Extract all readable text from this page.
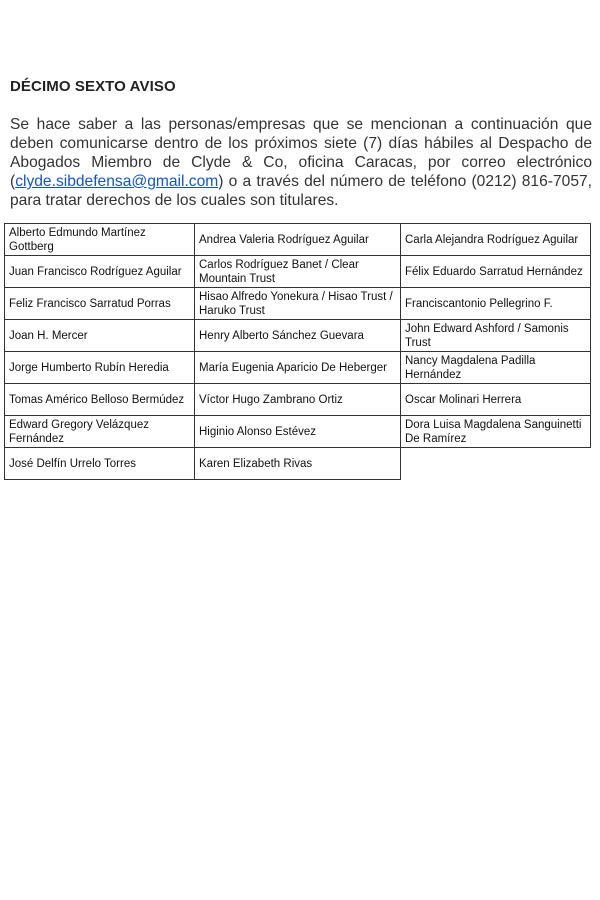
DÉCIMO SEXTO AVISO

Se hace saber a las personas/empresas que se mencionan a continuación que deben comunicarse dentro de los próximos siete (7) días hábiles al Despacho de Abogados Miembro de Clyde & Co, oficina Caracas, por correo electrónico (clyde.sibdefensa@gmail.com) o a través del número de teléfono (0212) 816-7057, para tratar derechos de los cuales son titulares.

Alberto Edmundo Martínez Gottberg	Andrea Valeria Rodríguez Aguilar	Carla Alejandra Rodríguez Aguilar
Juan Francisco Rodríguez Aguilar	Carlos Rodríguez Banet / Clear Mountain Trust	Félix Eduardo Sarratud Hernández
Feliz Francisco Sarratud Porras	Hisao Alfredo Yonekura / Hisao Trust / Haruko Trust	Franciscantonio Pellegrino F.
Joan H. Mercer	Henry Alberto Sánchez Guevara	John Edward Ashford / Samonis Trust
Jorge Humberto Rubín Heredia	María Eugenia Aparicio De Heberger	Nancy Magdalena Padilla Hernández
Tomas Américo Belloso Bermúdez	Víctor Hugo Zambrano Ortiz	Oscar Molinari Herrera
Edward Gregory Velázquez Fernández	Higinio Alonso Estévez	Dora Luisa Magdalena Sanguinetti De Ramírez
José Delfín Urrelo Torres	Karen Elizabeth Rivas	
